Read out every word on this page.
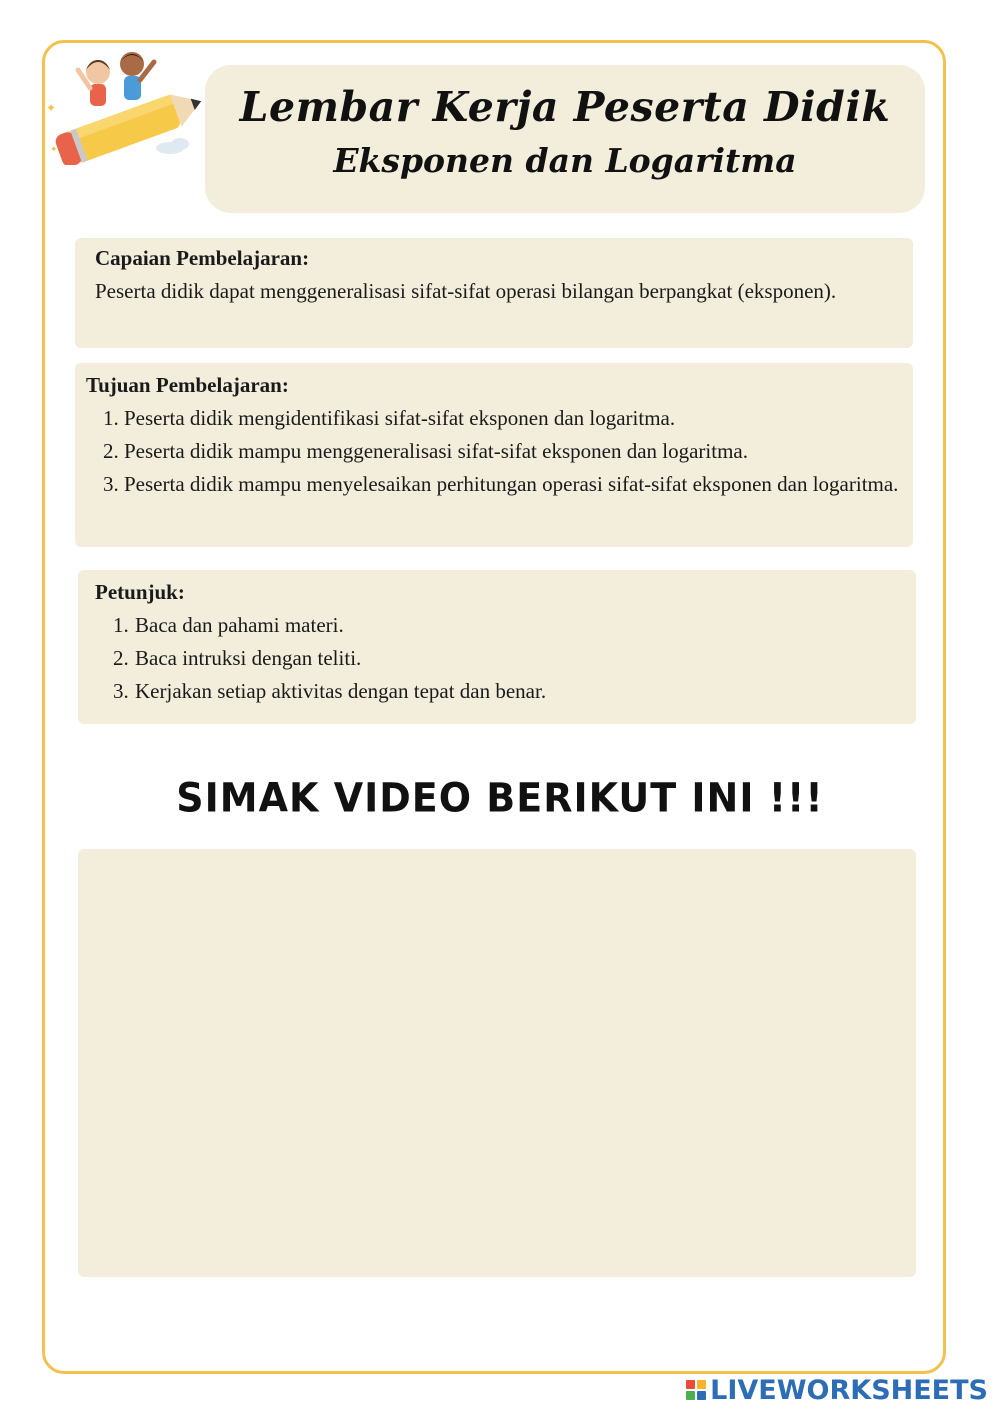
✦
✦
Lembar Kerja Peserta Didik
Eksponen dan Logaritma
Capaian Pembelajaran:

Peserta didik dapat menggeneralisasi sifat-sifat operasi bilangan berpangkat (eksponen).

Tujuan Pembelajaran:
1. Peserta didik mengidentifikasi sifat-sifat eksponen dan logaritma.
2. Peserta didik mampu menggeneralisasi sifat-sifat eksponen dan logaritma.
3. Peserta didik mampu menyelesaikan perhitungan operasi sifat-sifat eksponen dan logaritma.
Petunjuk:
1. Baca dan pahami materi.
2. Baca intruksi dengan teliti.
3. Kerjakan setiap aktivitas dengan tepat dan benar.
SIMAK VIDEO BERIKUT INI !!!
LIVEWORKSHEETS
